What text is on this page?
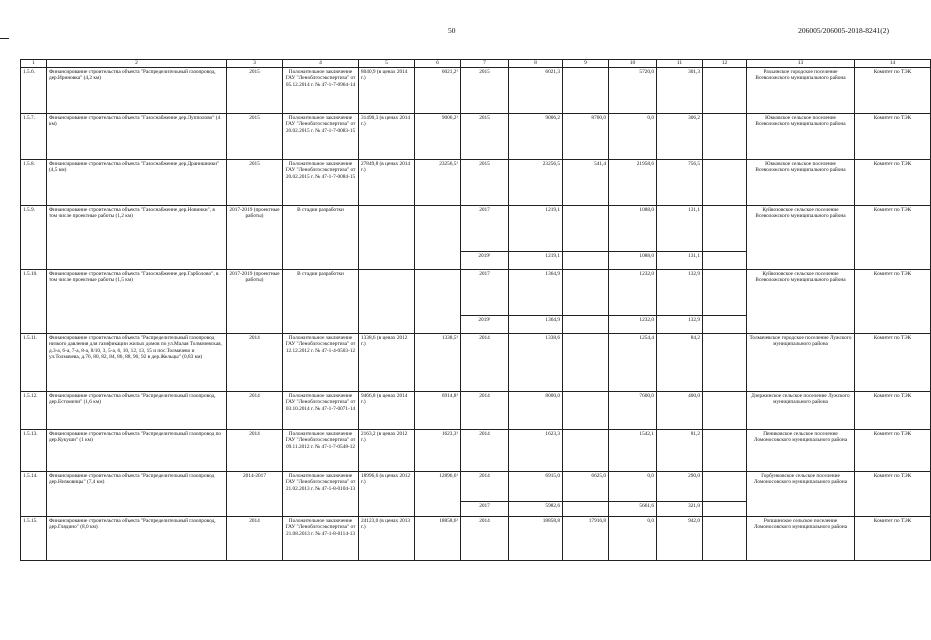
50	206005/206005-2018-8241(2)
1	2	3	4	5	6	7	8	9	10	11	12	13	14
1.5.6.	Финансирование строительства объекта "Распределительный газопровод, дер.Ириновка" (4,2 км)	2015	Положительное заключение ГАУ "Леноблгосэкспертиза" от 05.12.2014 г. № 47-1-7-0964-14	8040,9 (в ценах 2014 г.)	6021,2¹	2015	6021,3		5720,0	301,3		Рахьинское городское поселение Всеволожского муниципального района	Комитет по ТЭК
1.5.7.	Финансирование строительства объекта "Газоснабжение дер.Лупполово" (4 км)	2015	Положительное заключение ГАУ "Леноблгосэкспертиза" от 20.02.2015 г. № 47-1-7-0083-15	31490,3 (в ценах 2014 г.)	9006,2¹	2015	9006,2	8700,0	0,0	306,2		Юкковское сельское поселение Всеволожского муниципального района	Комитет по ТЭК
1.5.8.	Финансирование строительства объекта "Газоснабжение дер.Дранишники" (4,5 км)	2015	Положительное заключение ГАУ "Леноблгосэкспертиза" от 20.02.2015 г. № 47-1-7-0084-15	27849,8 (в ценах 2014 г.)	23256,5¹	2015	23256,5	541,4	21958,6	756,5		Юкковское сельское поселение Всеволожского муниципального района	Комитет по ТЭК
1.5.9.	Финансирование строительства объекта "Газоснабжение дер.Новинки", в том числе проектные работы (1,2 км)	2017-2019 (проектные работы)	В стадии разработки			2017	1219,1		1088,0	131,1		Куйвозовское сельское поселение Всеволожского муниципального района	Комитет по ТЭК
						2019¹	1219,1		1088,0	131,1			
1.5.10.	Финансирование строительства объекта "Газоснабжение дер.Гарболово", в том числе проектные работы (1,5 км)	2017-2019 (проектные работы)	В стадии разработки			2017	1364,9		1232,0	132,9		Куйвозовское сельское поселение Всеволожского муниципального района	Комитет по ТЭК
						2019¹	1364,9		1232,0	132,9			
1.5.11.	Финансирование строительства объекта "Распределительный газопровод низкого давления для газификации жилых домов по ул.Малая Толмачевская, д.3-а, 6-а, 7-а, 8-а, 8/10, 3, 5-а, 6, 10, 12, 13, 15 и пос.Толмачево и ул.Толмачева, д.76, 80, 82, 84, 86, 88, 90, 92 в дер.Жельцы" (0,83 км)	2014	Положительное заключение ГАУ "Леноблгосэкспертиза" от 12.12.2012 г. № 47-1-4-0503-12	1338,6 (в ценах 2012 г.)	1338,5¹	2014	1338,6		1254,4	84,2		Толмачевское городское поселение Лужского муниципального района	Комитет по ТЭК
1.5.12.	Финансирование строительства объекта "Распределительный газопровод, дер.Естомичи" (1,6 км)	2014	Положительное заключение ГАУ "Леноблгосэкспертиза" от 03.10.2014 г. № 47-1-7-0071-14	9466,8 (в ценах 2014 г.)	6914,8¹	2014	8000,0		7600,0	400,0		Дзержинское сельское поселение Лужского муниципального района	Комитет по ТЭК
1.5.13.	Финансирование строительства объекта "Распределительный газопровод по дер.Кукуши" (1 км)	2014	Положительное заключение ГАУ "Леноблгосэкспертиза" от 09.11.2012 г. № 47-1-7-0548-12	2163,2 (в ценах 2012 г.)	1623,3¹	2014	1623,3		1542,1	81,2		Пениковское сельское поселение Ломоносовского муниципального района	Комитет по ТЭК
1.5.14.	Финансирование строительства объекта "Распределительный газопровод дер.Низковицы" (7,4 км)	2014-2017	Положительное заключение ГАУ "Леноблгосэкспертиза" от 21.02.2013 г. № 47-1-8-0104-13	18996,6 (в ценах 2012 г.)	12896,6¹	2014	6915,0	6625,0	0,0	290,0		Горбунковское сельское поселение Ломоносовского муниципального района	Комитет по ТЭК
						2017	5982,6		5661,6	321,0			
1.5.15.	Финансирование строительства объекта "Распределительный газопровод, дер.Глядино" (8,0 км)	2014	Положительное заключение ГАУ "Леноблгосэкспертиза" от 21.08.2013 г. № 47-1-8-0114-13	24123,0 (в ценах 2013 г.)	18858,6¹	2014	18858,8	17916,8	0,0	942,0		Ропшинское сельское поселение Ломоносовского муниципального района	Комитет по ТЭК
